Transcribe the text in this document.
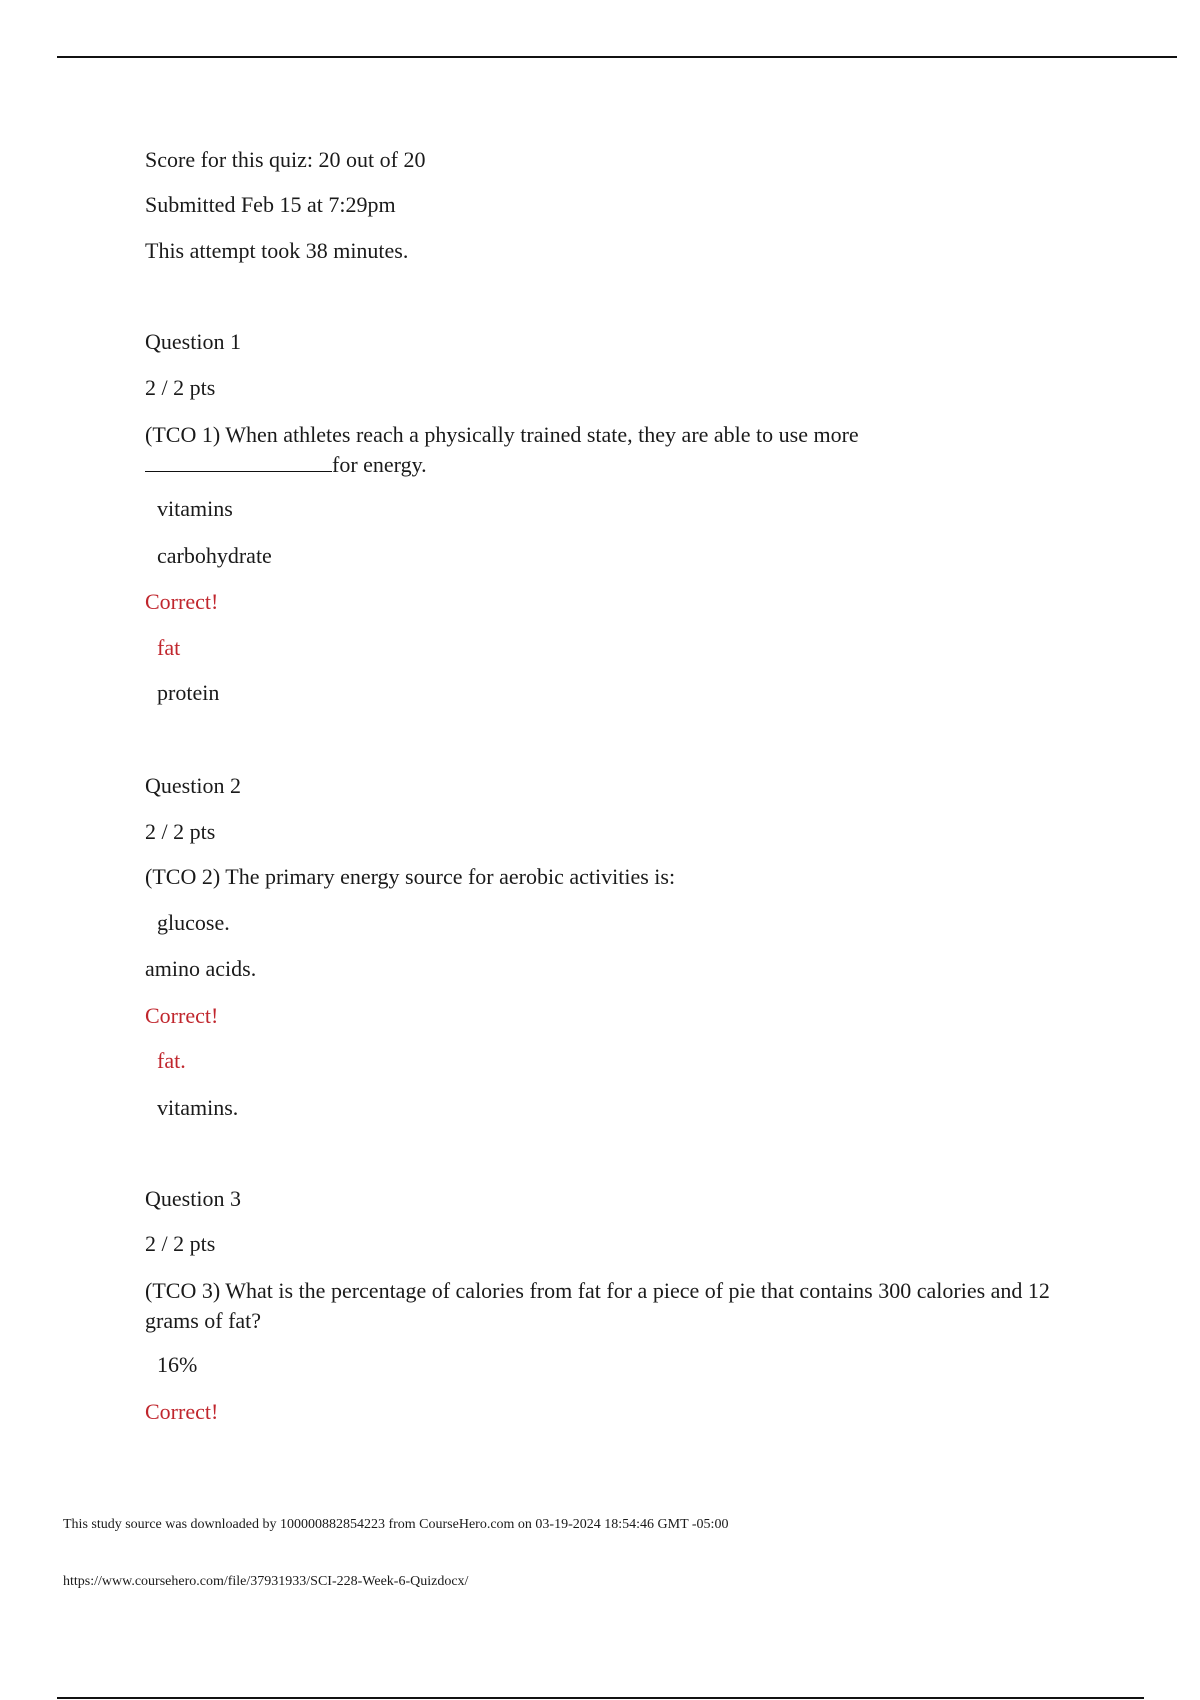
Score for this quiz: 20 out of 20
Submitted Feb 15 at 7:29pm
This attempt took 38 minutes.
Question 1
2 / 2 pts
(TCO 1) When athletes reach a physically trained state, they are able to use more
for energy.
vitamins
carbohydrate
Correct!
fat
protein
Question 2
2 / 2 pts
(TCO 2) The primary energy source for aerobic activities is:
glucose.
amino acids.
Correct!
fat.
vitamins.
Question 3
2 / 2 pts
(TCO 3) What is the percentage of calories from fat for a piece of pie that contains 300 calories and 12 grams of fat?
16%
Correct!
This study source was downloaded by 100000882854223 from CourseHero.com on 03-19-2024 18:54:46 GMT -05:00
https://www.coursehero.com/file/37931933/SCI-228-Week-6-Quizdocx/
